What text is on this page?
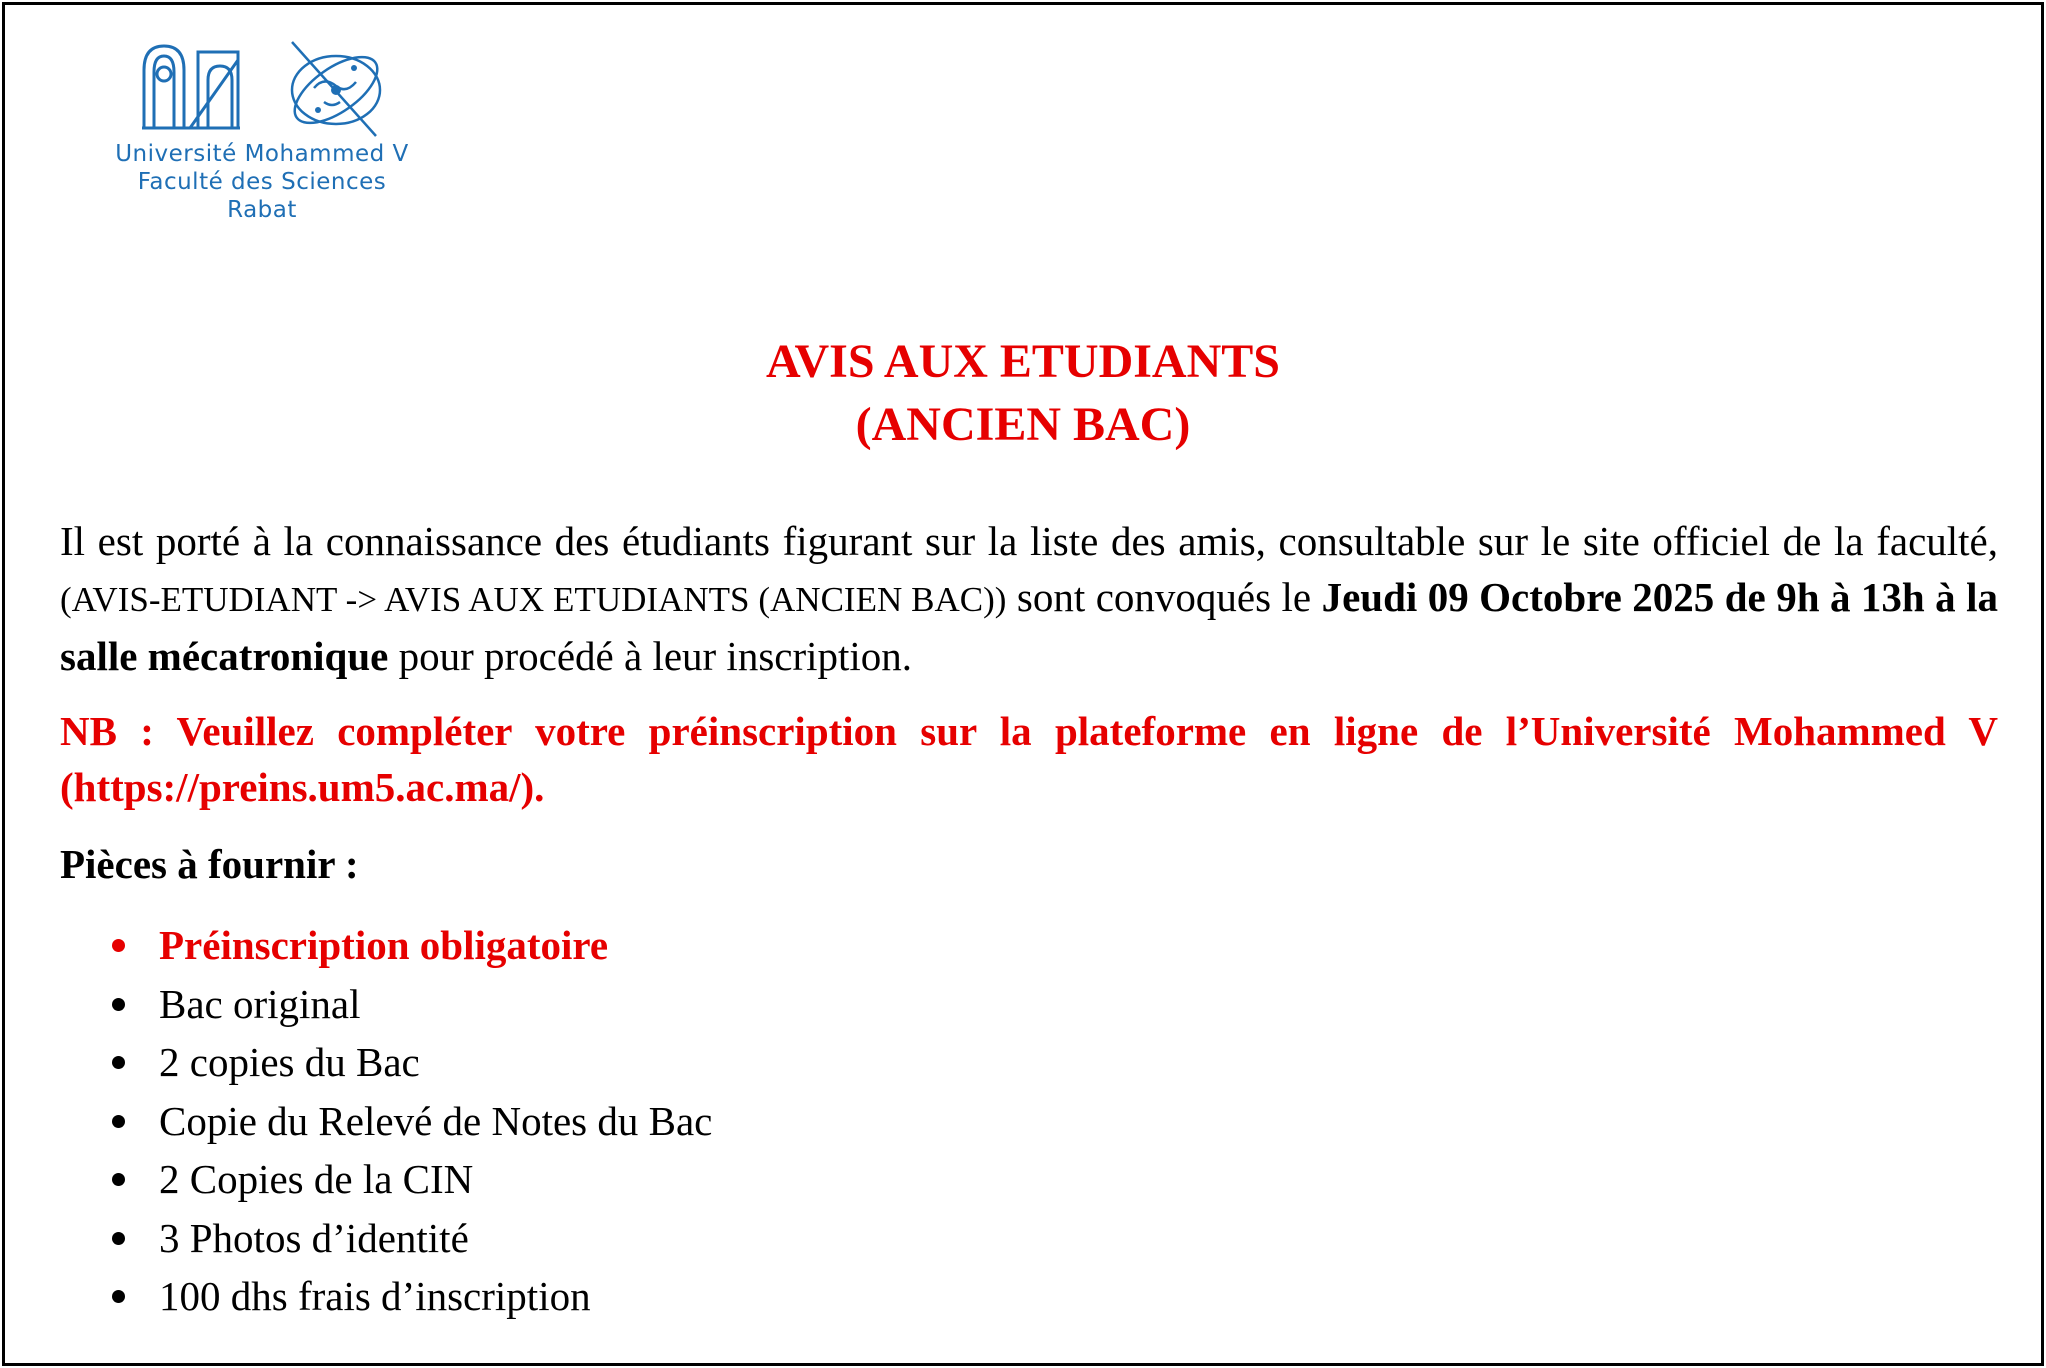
Université Mohammed V
Faculté des Sciences
Rabat
AVIS AUX ETUDIANTS
(ANCIEN BAC)
Il est porté à la connaissance des étudiants figurant sur la liste des amis, consultable sur le site officiel de la faculté, (AVIS-ETUDIANT -> AVIS AUX ETUDIANTS (ANCIEN BAC)) sont convoqués le Jeudi 09 Octobre 2025 de 9h à 13h à la salle mécatronique pour procédé à leur inscription.
NB : Veuillez compléter votre préinscription sur la plateforme en ligne de l’Université Mohammed V (https://preins.um5.ac.ma/).
Pièces à fournir :
Préinscription obligatoire
Bac original
2 copies du Bac
Copie du Relevé de Notes du Bac
2 Copies de la CIN
3 Photos d’identité
100 dhs frais d’inscription
